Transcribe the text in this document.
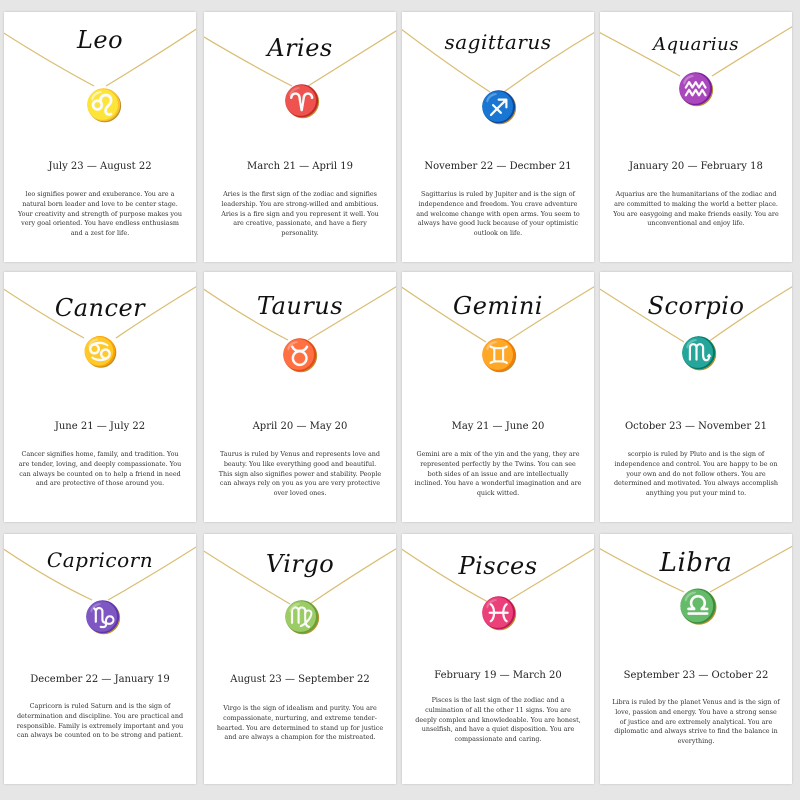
♌
Leo
July 23 — August 22
leo signifies power and exuberance. You are a natural born leader and love to be center stage. Your creativity and strength of purpose makes you very goal oriented. You have endless enthusiasm and a zest for life.
♈
Aries
March 21 — April 19
Aries is the first sign of the zodiac and signifies leadership. You are strong-willed and ambitious. Aries is a fire sign and you represent it well. You are creative, passionate, and have a fiery personality.
♐
sagittarus
November 22 — Decmber 21
Sagittarius is ruled by Jupiter and is the sign of independence and freedom. You crave adventure and welcome change with open arms. You seem to always have good luck because of your optimistic outlook on life.
♒
Aquarius
January 20 — February 18
Aquarius are the humanitarians of the zodiac and are committed to making the world a better place. You are easygoing and make friends easily. You are unconventional and enjoy life.
♋
Cancer
June 21 — July 22
Cancer signifies home, family, and tradition. You are tender, loving, and deeply compassionate. You can always be counted on to help a friend in need and are protective of those around you.
♉
Taurus
April 20 — May 20
Taurus is ruled by Venus and represents love and beauty. You like everything good and beautiful. This sign also signifies power and stability. People can always rely on you as you are very protective over loved ones.
♊
Gemini
May 21 — June 20
Gemini are a mix of the yin and the yang, they are represented perfectly by the Twins. You can see both sides of an issue and are intellectually inclined. You have a wonderful imagination and are quick witted.
♏
Scorpio
October 23 — November 21
scorpio is ruled by Pluto and is the sign of independence and control. You are happy to be on your own and do not follow others. You are determined and motivated. You always accomplish anything you put your mind to.
♑
Capricorn
December 22 — January 19
Capricorn is ruled Saturn and is the sign of determination and discipline. You are practical and responsible. Family is extremely important and you can always be counted on to be strong and patient.
♍
Virgo
August 23 — September 22
Virgo is the sign of idealism and purity. You are compassionate, nurturing, and extreme tender-hearted. You are determined to stand up for justice and are always a champion for the mistreated.
♓
Pisces
February 19 — March 20
Pisces is the last sign of the zodiac and a culmination of all the other 11 signs. You are deeply complex and knowledeable. You are honest, unselfish, and have a quiet disposition. You are compassionate and caring.
♎
Libra
September 23 — October 22
Libra is ruled by the planet Venus and is the sign of love, passion and energy. You have a strong sense of justice and are extremely analytical. You are diplomatic and always strive to find the balance in everything.
